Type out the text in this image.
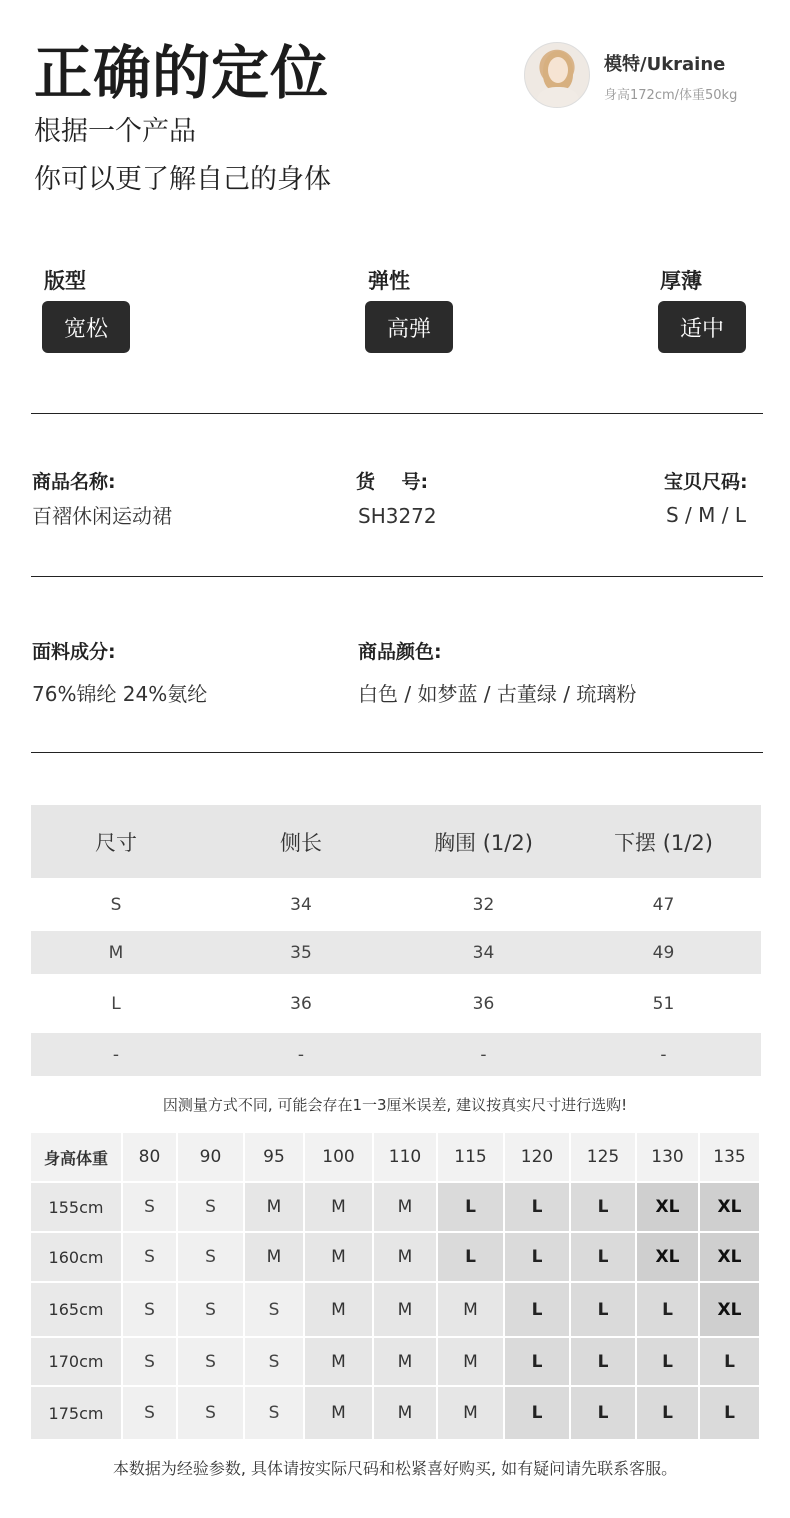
正确的定位
根据一个产品
你可以更了解自己的身体
模特/Ukraine
身高172cm/体重50kg
版型
宽松
弹性
高弹
厚薄
适中
商品名称:
百褶休闲运动裙
货    号:
SH3272
宝贝尺码:
S / M / L
面料成分:
76%锦纶 24%氨纶
商品颜色:
白色 / 如梦蓝 / 古董绿 / 琉璃粉
尺寸	侧长	胸围 (1/2)	下摆 (1/2)
S	34	32	47
M	35	34	49
L	36	36	51
-	-	-	-
因测量方式不同, 可能会存在1一3厘米误差, 建议按真实尺寸进行选购!
身高体重	80	90	95	100	110	115	120	125	130	135
155cm	S	S	M	M	M	L	L	L	XL	XL
160cm	S	S	M	M	M	L	L	L	XL	XL
165cm	S	S	S	M	M	M	L	L	L	XL
170cm	S	S	S	M	M	M	L	L	L	L
175cm	S	S	S	M	M	M	L	L	L	L
本数据为经验参数, 具体请按实际尺码和松紧喜好购买, 如有疑问请先联系客服。
